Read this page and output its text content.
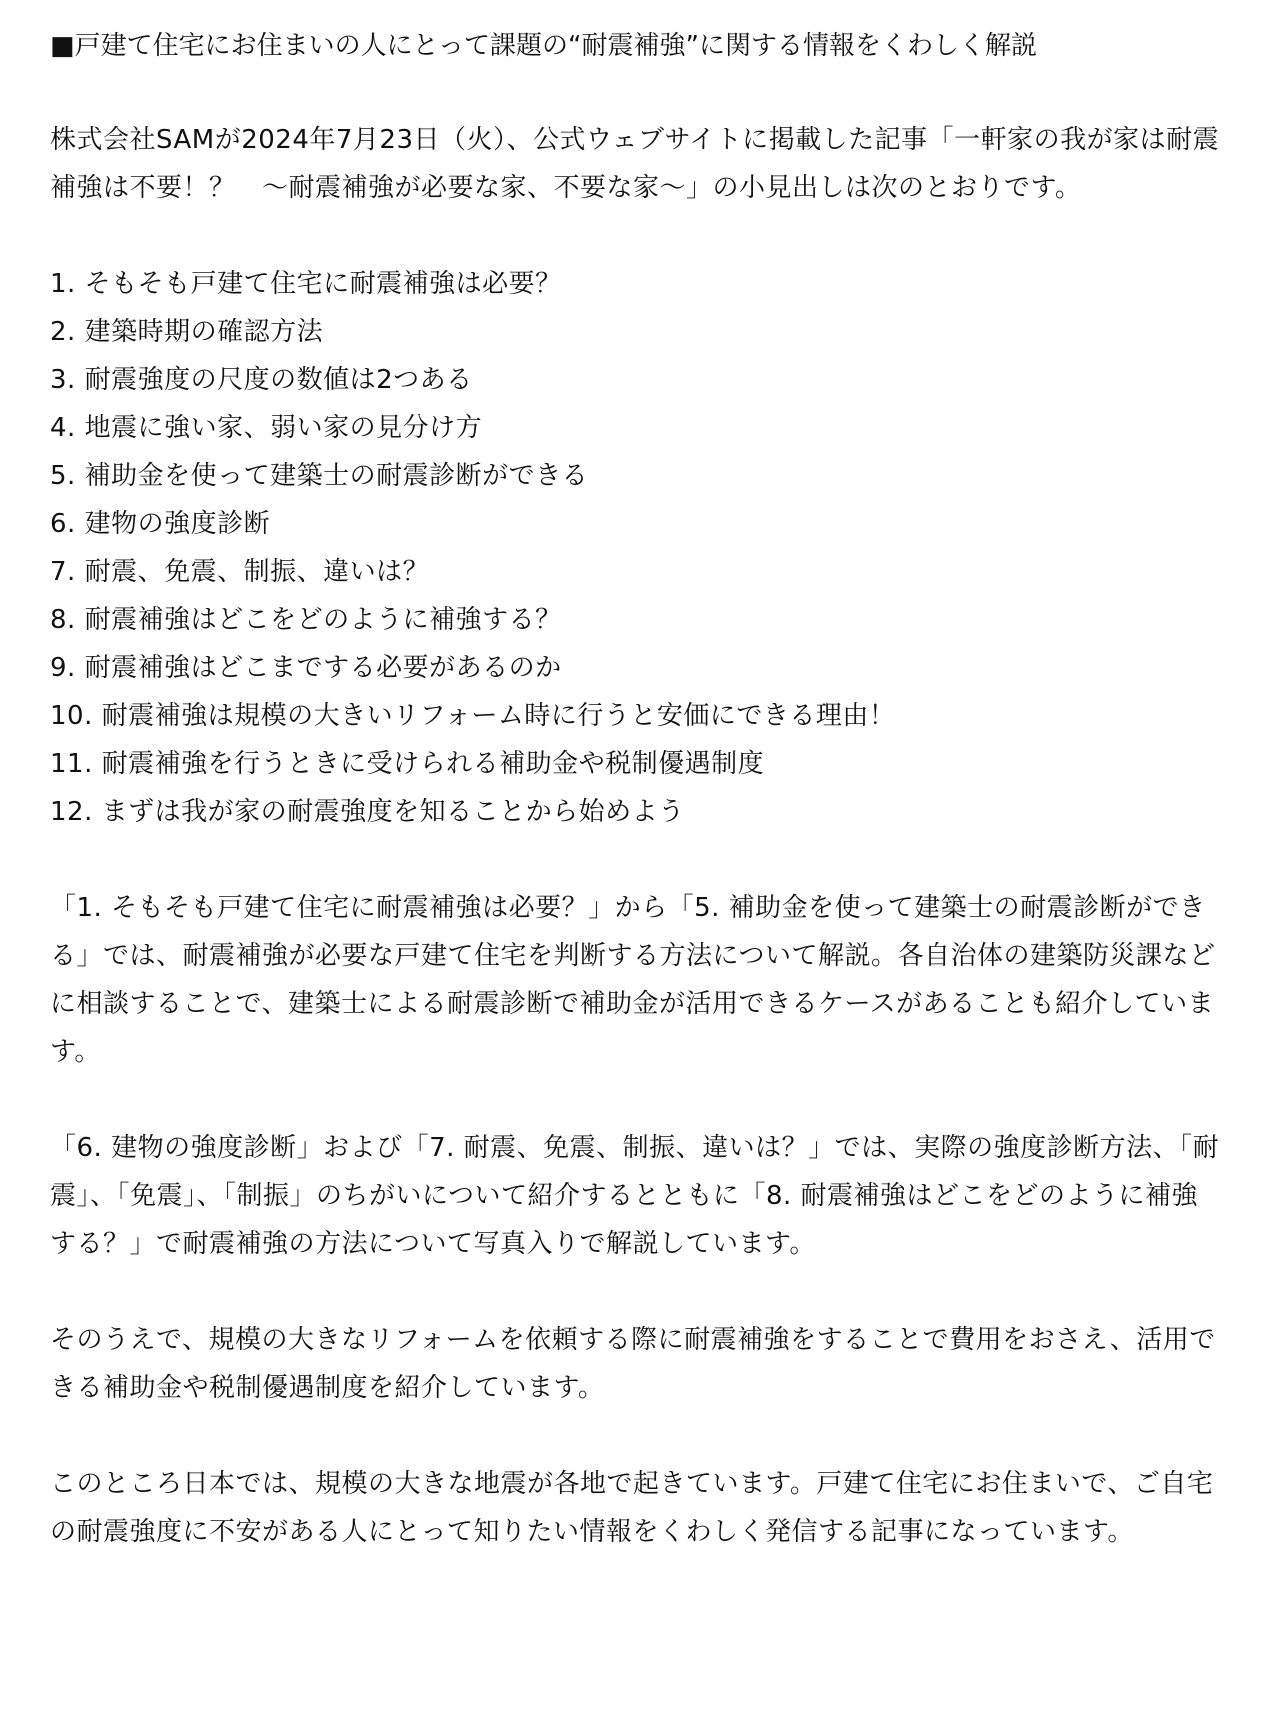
■戸建て住宅にお住まいの人にとって課題の“耐震補強”に関する情報をくわしく解説

株式会社SAMが2024年7月23日（火）、公式ウェブサイトに掲載した記事「一軒家の我が家は耐震補強は不要！？　～耐震補強が必要な家、不要な家～」の小見出しは次のとおりです。

1. そもそも戸建て住宅に耐震補強は必要？
2. 建築時期の確認方法
3. 耐震強度の尺度の数値は2つある
4. 地震に強い家、弱い家の見分け方
5. 補助金を使って建築士の耐震診断ができる
6. 建物の強度診断
7. 耐震、免震、制振、違いは？
8. 耐震補強はどこをどのように補強する？
9. 耐震補強はどこまでする必要があるのか
10. 耐震補強は規模の大きいリフォーム時に行うと安価にできる理由！
11. 耐震補強を行うときに受けられる補助金や税制優遇制度
12. まずは我が家の耐震強度を知ることから始めよう

「1. そもそも戸建て住宅に耐震補強は必要？」から「5. 補助金を使って建築士の耐震診断ができる」では、耐震補強が必要な戸建て住宅を判断する方法について解説。各自治体の建築防災課などに相談することで、建築士による耐震診断で補助金が活用できるケースがあることも紹介しています。

「6. 建物の強度診断」および「7. 耐震、免震、制振、違いは？」では、実際の強度診断方法、「耐震」、「免震」、「制振」のちがいについて紹介するとともに「8. 耐震補強はどこをどのように補強する？」で耐震補強の方法について写真入りで解説しています。

そのうえで、規模の大きなリフォームを依頼する際に耐震補強をすることで費用をおさえ、活用できる補助金や税制優遇制度を紹介しています。

このところ日本では、規模の大きな地震が各地で起きています。戸建て住宅にお住まいで、ご自宅の耐震強度に不安がある人にとって知りたい情報をくわしく発信する記事になっています。
